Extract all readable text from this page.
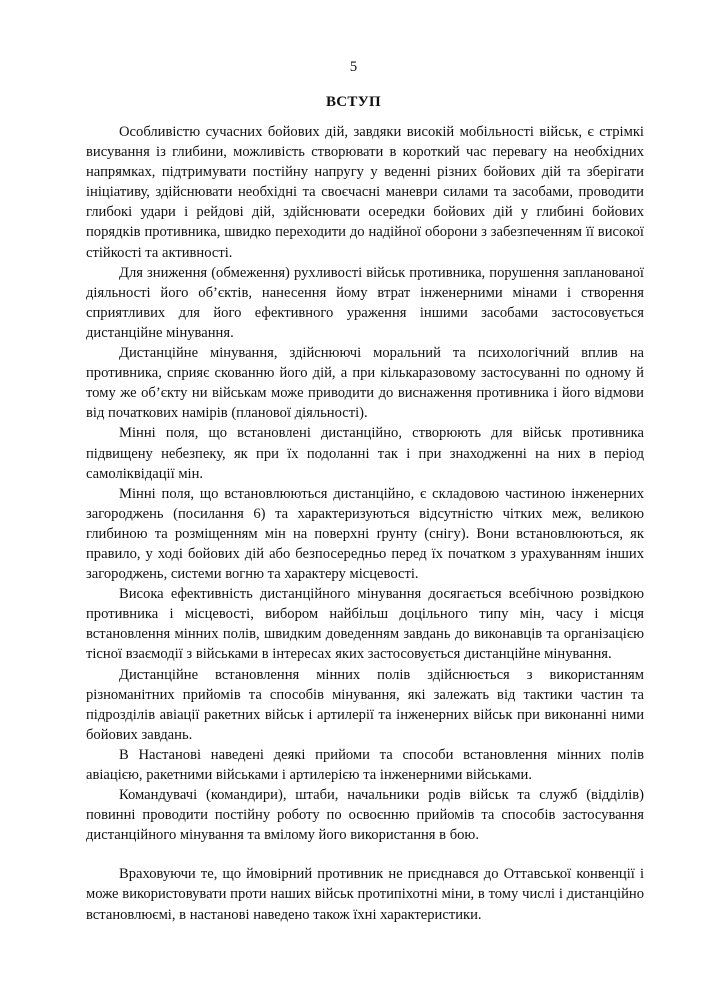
5
ВСТУП

Особливістю сучасних бойових дій, завдяки високій мобільності військ, є стрімкі висування із глибини, можливість створювати в короткий час перевагу на необхідних напрямках, підтримувати постійну напругу у веденні різних бойових дій та зберігати ініціативу, здійснювати необхідні та своєчасні маневри силами та засобами, проводити глибокі удари і рейдові дій, здійснювати осередки бойових дій у глибині бойових порядків противника, швидко переходити до надійної оборони з забезпеченням її високої стійкості та активності.

Для зниження (обмеження) рухливості військ противника, порушення запланованої діяльності його об’єктів, нанесення йому втрат інженерними мінами і створення сприятливих для його ефективного ураження іншими засобами застосовується дистанційне мінування.

Дистанційне мінування, здійснюючі моральний та психологічний вплив на противника, сприяє скованню його дій, а при кількаразовому застосуванні по одному й тому же об’єкту ни військам може приводити до виснаження противника і його відмови від початкових намірів (планової діяльності).

Мінні поля, що встановлені дистанційно, створюють для військ противника підвищену небезпеку, як при їх подоланні так і при знаходженні на них в період самоліквідації мін.

Мінні поля, що встановлюються дистанційно, є складовою частиною інженерних загороджень (посилання 6) та характеризуються відсутністю чітких меж, великою глибиною та розміщенням мін на поверхні ґрунту (снігу). Вони встановлюються, як правило, у ході бойових дій або безпосередньо перед їх початком з урахуванням інших загороджень, системи вогню та характеру місцевості.

Висока ефективність дистанційного мінування досягається всебічною розвідкою противника і місцевості, вибором найбільш доцільного типу мін, часу і місця встановлення мінних полів, швидким доведенням завдань до виконавців та організацією тісної взаємодії з військами в інтересах яких застосовується дистанційне мінування.

Дистанційне встановлення мінних полів здійснюється з використанням різноманітних прийомів та способів мінування, які залежать від тактики частин та підрозділів авіації ракетних військ і артилерії та інженерних військ при виконанні ними бойових завдань.

В Настанові наведені деякі прийоми та способи встановлення мінних полів авіацією, ракетними військами і артилерією та інженерними військами.

Командувачі (командири), штаби, начальники родів військ та служб (відділів) повинні проводити постійну роботу по освоєнню прийомів та способів застосування дистанційного мінування та вмілому його використання в бою.

Враховуючи те, що ймовірний противник не приєднався до Оттавської конвенції і може використовувати проти наших військ протипіхотні міни, в тому числі і дистанційно встановлюємі, в настанові наведено також їхні характеристики.
